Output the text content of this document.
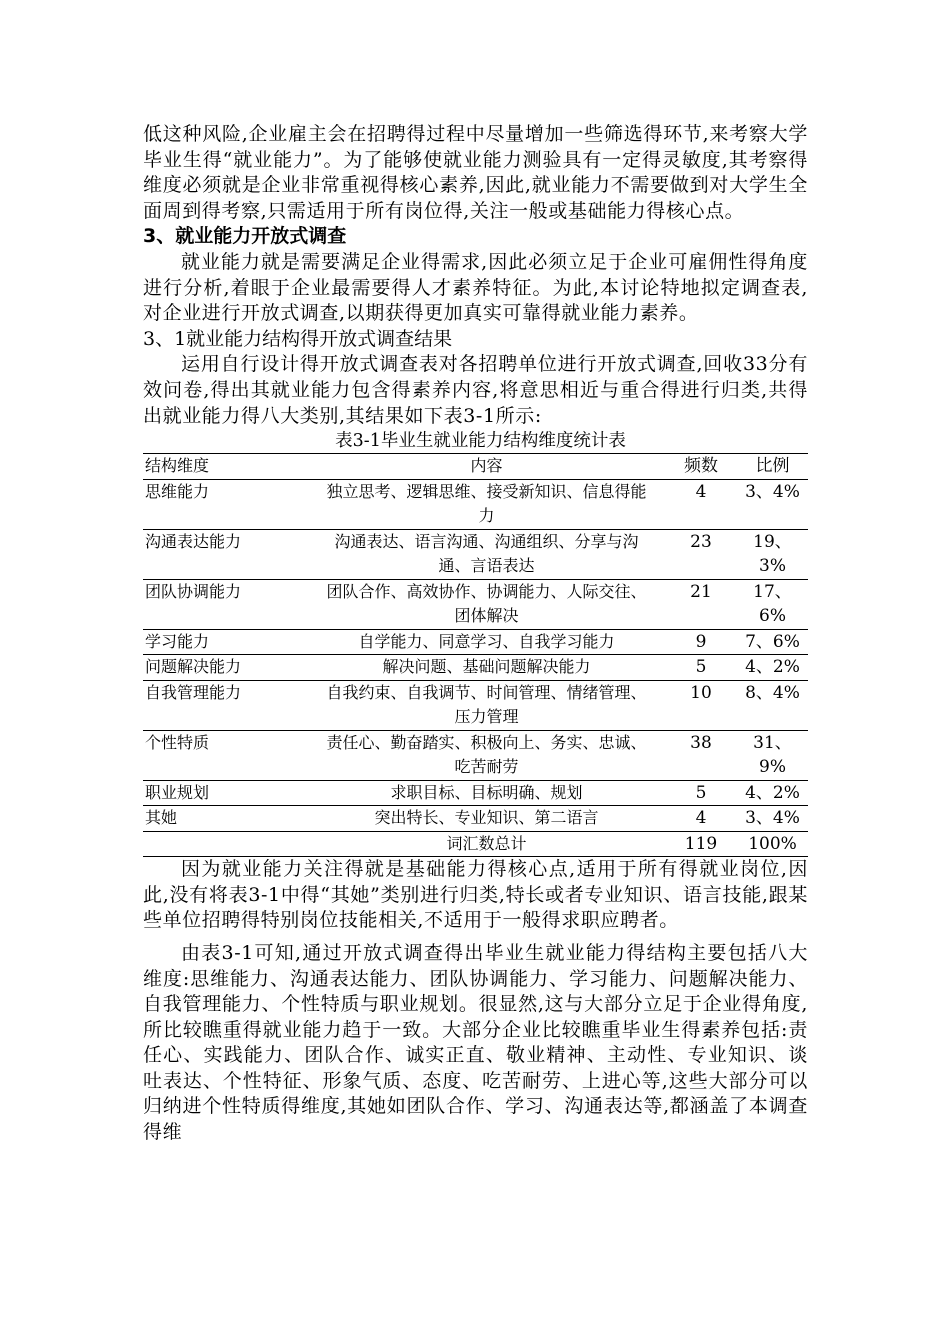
低这种风险,企业雇主会在招聘得过程中尽量增加一些筛选得环节,来考察大学毕业生得“就业能力”。为了能够使就业能力测验具有一定得灵敏度,其考察得维度必须就是企业非常重视得核心素养,因此,就业能力不需要做到对大学生全面周到得考察,只需适用于所有岗位得,关注一般或基础能力得核心点。

3、就业能力开放式调查

就业能力就是需要满足企业得需求,因此必须立足于企业可雇佣性得角度进行分析,着眼于企业最需要得人才素养特征。为此,本讨论特地拟定调查表,对企业进行开放式调查,以期获得更加真实可靠得就业能力素养。

3、1就业能力结构得开放式调查结果

运用自行设计得开放式调查表对各招聘单位进行开放式调查,回收33分有效问卷,得出其就业能力包含得素养内容,将意思相近与重合得进行归类,共得出就业能力得八大类别,其结果如下表3-1所示:

表3-1毕业生就业能力结构维度统计表
结构维度	内容	频数	比例
思维能力	独立思考、逻辑思维、接受新知识、信息得能力	4	3、4%
沟通表达能力	沟通表达、语言沟通、沟通组织、分享与沟通、言语表达	23	19、3%
团队协调能力	团队合作、高效协作、协调能力、人际交往、团体解决	21	17、6%
学习能力	自学能力、同意学习、自我学习能力	9	7、6%
问题解决能力	解决问题、基础问题解决能力	5	4、2%
自我管理能力	自我约束、自我调节、时间管理、情绪管理、压力管理	10	8、4%
个性特质	责任心、勤奋踏实、积极向上、务实、忠诚、吃苦耐劳	38	31、9%
职业规划	求职目标、目标明确、规划	5	4、2%
其她	突出特长、专业知识、第二语言	4	3、4%
	词汇数总计	119	100%

因为就业能力关注得就是基础能力得核心点,适用于所有得就业岗位,因此,没有将表3-1中得“其她”类别进行归类,特长或者专业知识、语言技能,跟某些单位招聘得特别岗位技能相关,不适用于一般得求职应聘者。

由表3-1可知,通过开放式调查得出毕业生就业能力得结构主要包括八大维度:思维能力、沟通表达能力、团队协调能力、学习能力、问题解决能力、自我管理能力、个性特质与职业规划。很显然,这与大部分立足于企业得角度,所比较瞧重得就业能力趋于一致。大部分企业比较瞧重毕业生得素养包括:责任心、实践能力、团队合作、诚实正直、敬业精神、主动性、专业知识、谈吐表达、个性特征、形象气质、态度、吃苦耐劳、上进心等,这些大部分可以归纳进个性特质得维度,其她如团队合作、学习、沟通表达等,都涵盖了本调查得维
